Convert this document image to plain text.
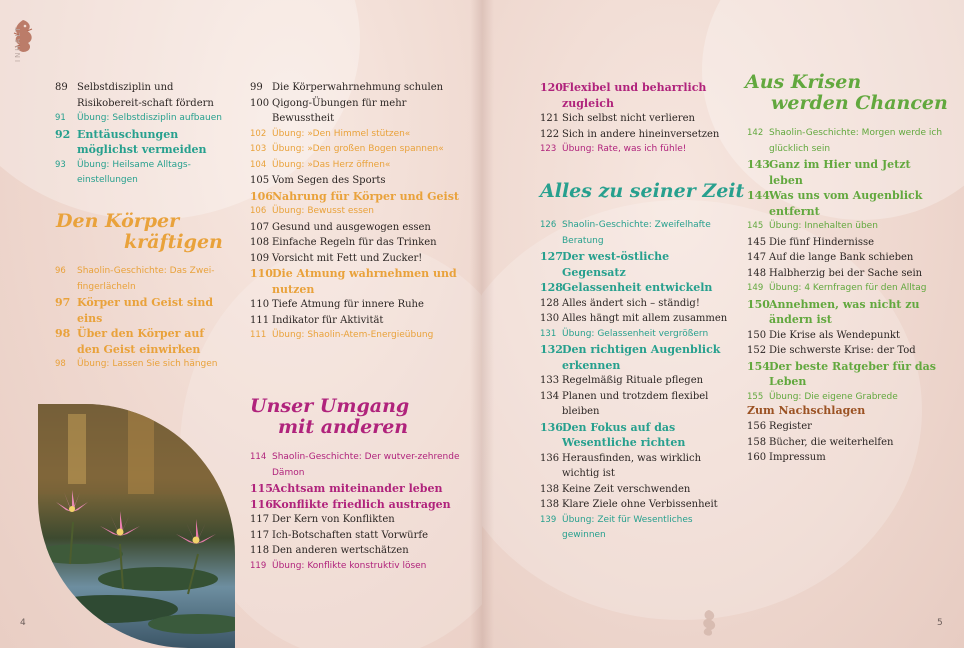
INHALT
89 Selbstdisziplin und Risikobereit-schaft fördern
91	Übung: Selbstdisziplin aufbauen
92 Enttäuschungen möglichst vermeiden
93	Übung: Heilsame Alltags-einstellungen
96	Shaolin-Geschichte: Das Zwei-fingerlächeln
97 Körper und Geist sind eins
98 Über den Körper auf den Geist einwirken
98	Übung: Lassen Sie sich hängen
99 Die Körperwahrnehmung schulen
100 Qigong-Übungen für mehr Bewusstheit
102 Übung: »Den Himmel stützen«
103 Übung: »Den großen Bogen spannen«
104 Übung: »Das Herz öffnen«
105 Vom Segen des Sports
106 Nahrung für Körper und Geist
106 Übung: Bewusst essen
107 Gesund und ausgewogen essen
108 Einfache Regeln für das Trinken
109 Vorsicht mit Fett und Zucker!
110 Die Atmung wahrnehmen und nutzen
110 Tiefe Atmung für innere Ruhe
111 Indikator für Aktivität
111 Übung: Shaolin-Atem-Energieübung
114 Shaolin-Geschichte: Der wutver-zehrende Dämon
115 Achtsam miteinander leben
116 Konflikte friedlich austragen
117 Der Kern von Konflikten
117 Ich-Botschaften statt Vorwürfe
118 Den anderen wertschätzen
119 Übung: Konflikte konstruktiv lösen
Den Körper
kräftigen
Unser Umgang
mit anderen
4
120 Flexibel und beharrlich zugleich
121 Sich selbst nicht verlieren
122 Sich in andere hineinversetzen
123 Übung: Rate, was ich fühle!
126 Shaolin-Geschichte: Zweifelhafte Beratung
127 Der west-östliche Gegensatz
128 Gelassenheit entwickeln
128 Alles ändert sich – ständig!
130 Alles hängt mit allem zusammen
131 Übung: Gelassenheit vergrößern
132 Den richtigen Augenblick erkennen
133 Regelmäßig Rituale pflegen
134 Planen und trotzdem flexibel bleiben
136 Den Fokus auf das Wesentliche richten
136 Herausfinden, was wirklich wichtig ist
138 Keine Zeit verschwenden
138 Klare Ziele ohne Verbissenheit
139 Übung: Zeit für Wesentliches gewinnen
142 Shaolin-Geschichte: Morgen werde ich glücklich sein
143 Ganz im Hier und Jetzt leben
144 Was uns vom Augenblick entfernt
145 Übung: Innehalten üben
145 Die fünf Hindernisse
147 Auf die lange Bank schieben
148 Halbherzig bei der Sache sein
149 Übung: 4 Kernfragen für den Alltag
150 Annehmen, was nicht zu ändern ist
150 Die Krise als Wendepunkt
152 Die schwerste Krise: der Tod
154 Der beste Ratgeber für das Leben
155 Übung: Die eigene Grabrede
156 Register
158 Bücher, die weiterhelfen
160 Impressum
Alles zu seiner Zeit
Aus Krisen
werden Chancen
Zum Nachschlagen
5
